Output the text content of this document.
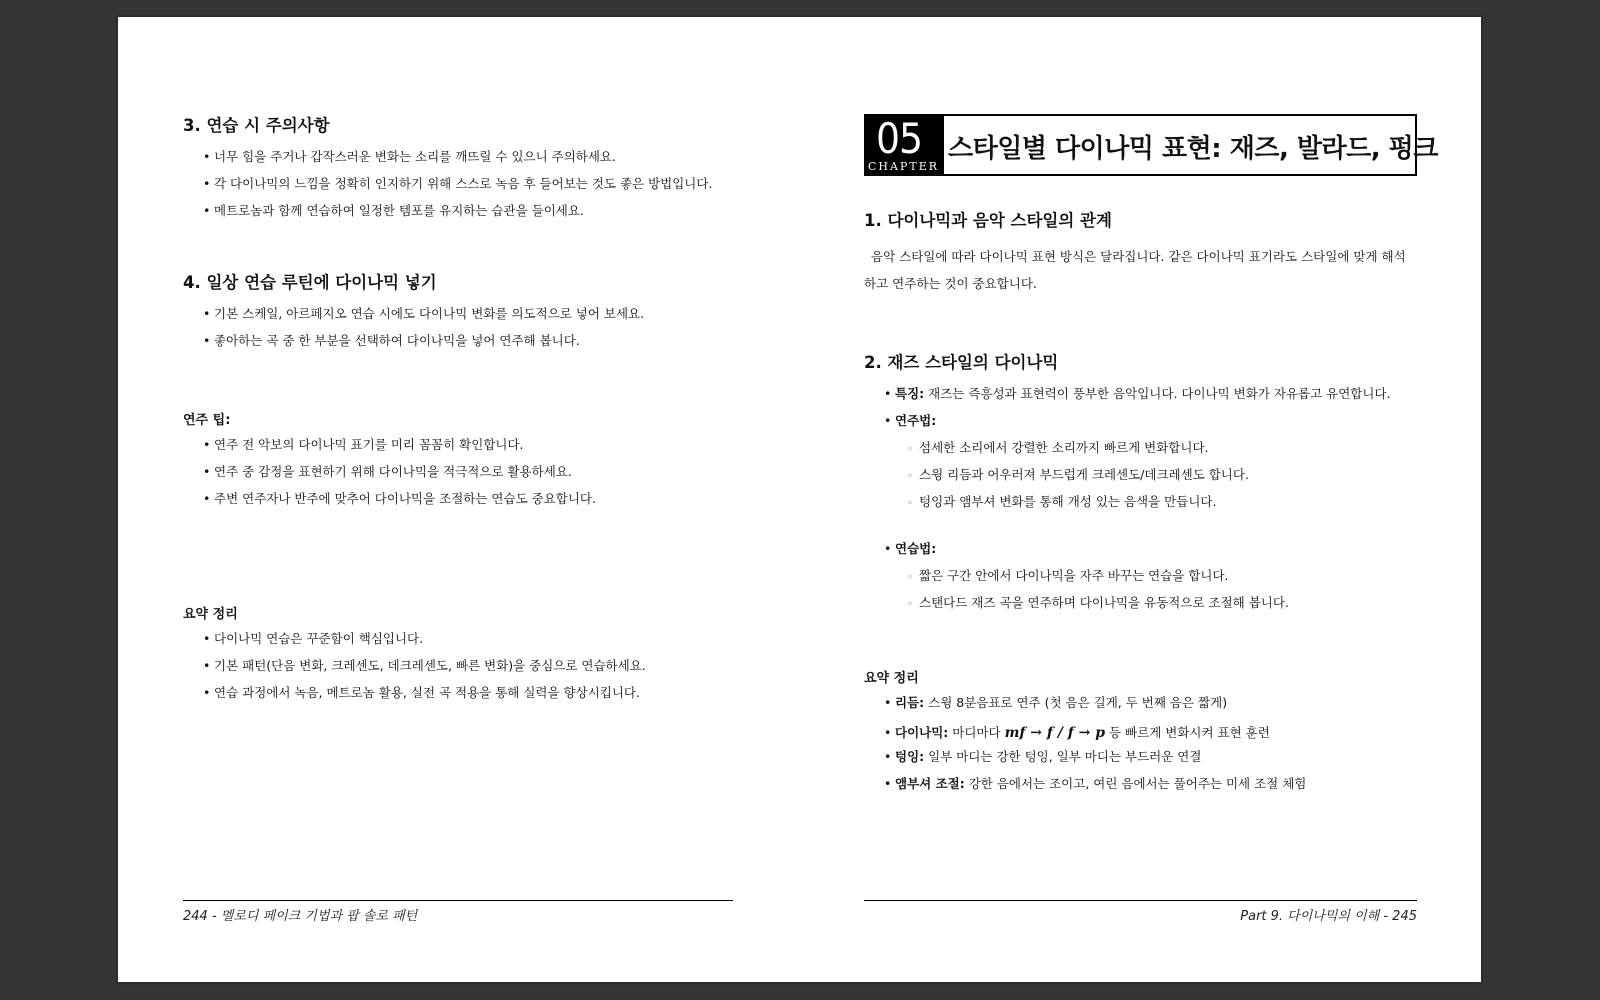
3. 연습 시 주의사항
• 너무 힘을 주거나 갑작스러운 변화는 소리를 깨뜨릴 수 있으니 주의하세요.
• 각 다이나믹의 느낌을 정확히 인지하기 위해 스스로 녹음 후 들어보는 것도 좋은 방법입니다.
• 메트로놈과 함께 연습하여 일정한 템포를 유지하는 습관을 들이세요.
4. 일상 연습 루틴에 다이나믹 넣기
• 기본 스케일, 아르페지오 연습 시에도 다이나믹 변화를 의도적으로 넣어 보세요.
• 좋아하는 곡 중 한 부분을 선택하여 다이나믹을 넣어 연주해 봅니다.
연주 팁:
• 연주 전 악보의 다이나믹 표기를 미리 꼼꼼히 확인합니다.
• 연주 중 감정을 표현하기 위해 다이나믹을 적극적으로 활용하세요.
• 주변 연주자나 반주에 맞추어 다이나믹을 조절하는 연습도 중요합니다.
요약 정리
• 다이나믹 연습은 꾸준함이 핵심입니다.
• 기본 패턴(단음 변화, 크레센도, 데크레센도, 빠른 변화)을 중심으로 연습하세요.
• 연습 과정에서 녹음, 메트로놈 활용, 실전 곡 적용을 통해 실력을 향상시킵니다.
244 - 멜로디 페이크 기법과 팝 솔로 패턴
05
CHAPTER
스타일별 다이나믹 표현: 재즈, 발라드, 펑크
1. 다이나믹과 음악 스타일의 관계
음악 스타일에 따라 다이나믹 표현 방식은 달라집니다. 같은 다이나믹 표기라도 스타일에 맞게 해석하고 연주하는 것이 중요합니다.
2. 재즈 스타일의 다이나믹
• 특징: 재즈는 즉흥성과 표현력이 풍부한 음악입니다. 다이나믹 변화가 자유롭고 유연합니다.
• 연주법:
◦ 섬세한 소리에서 강렬한 소리까지 빠르게 변화합니다.
◦ 스윙 리듬과 어우러져 부드럽게 크레센도/데크레센도 합니다.
◦ 텅잉과 앰부셔 변화를 통해 개성 있는 음색을 만듭니다.
• 연습법:
◦ 짧은 구간 안에서 다이나믹을 자주 바꾸는 연습을 합니다.
◦ 스탠다드 재즈 곡을 연주하며 다이나믹을 유동적으로 조절해 봅니다.
요약 정리
• 리듬: 스윙 8분음표로 연주 (첫 음은 길게, 두 번째 음은 짧게)
• 다이나믹: 마디마다 mf → f / f → p 등 빠르게 변화시켜 표현 훈련
• 텅잉: 일부 마디는 강한 텅잉, 일부 마디는 부드러운 연결
• 앰부셔 조절: 강한 음에서는 조이고, 여린 음에서는 풀어주는 미세 조절 체험
Part 9. 다이나믹의 이해 - 245
